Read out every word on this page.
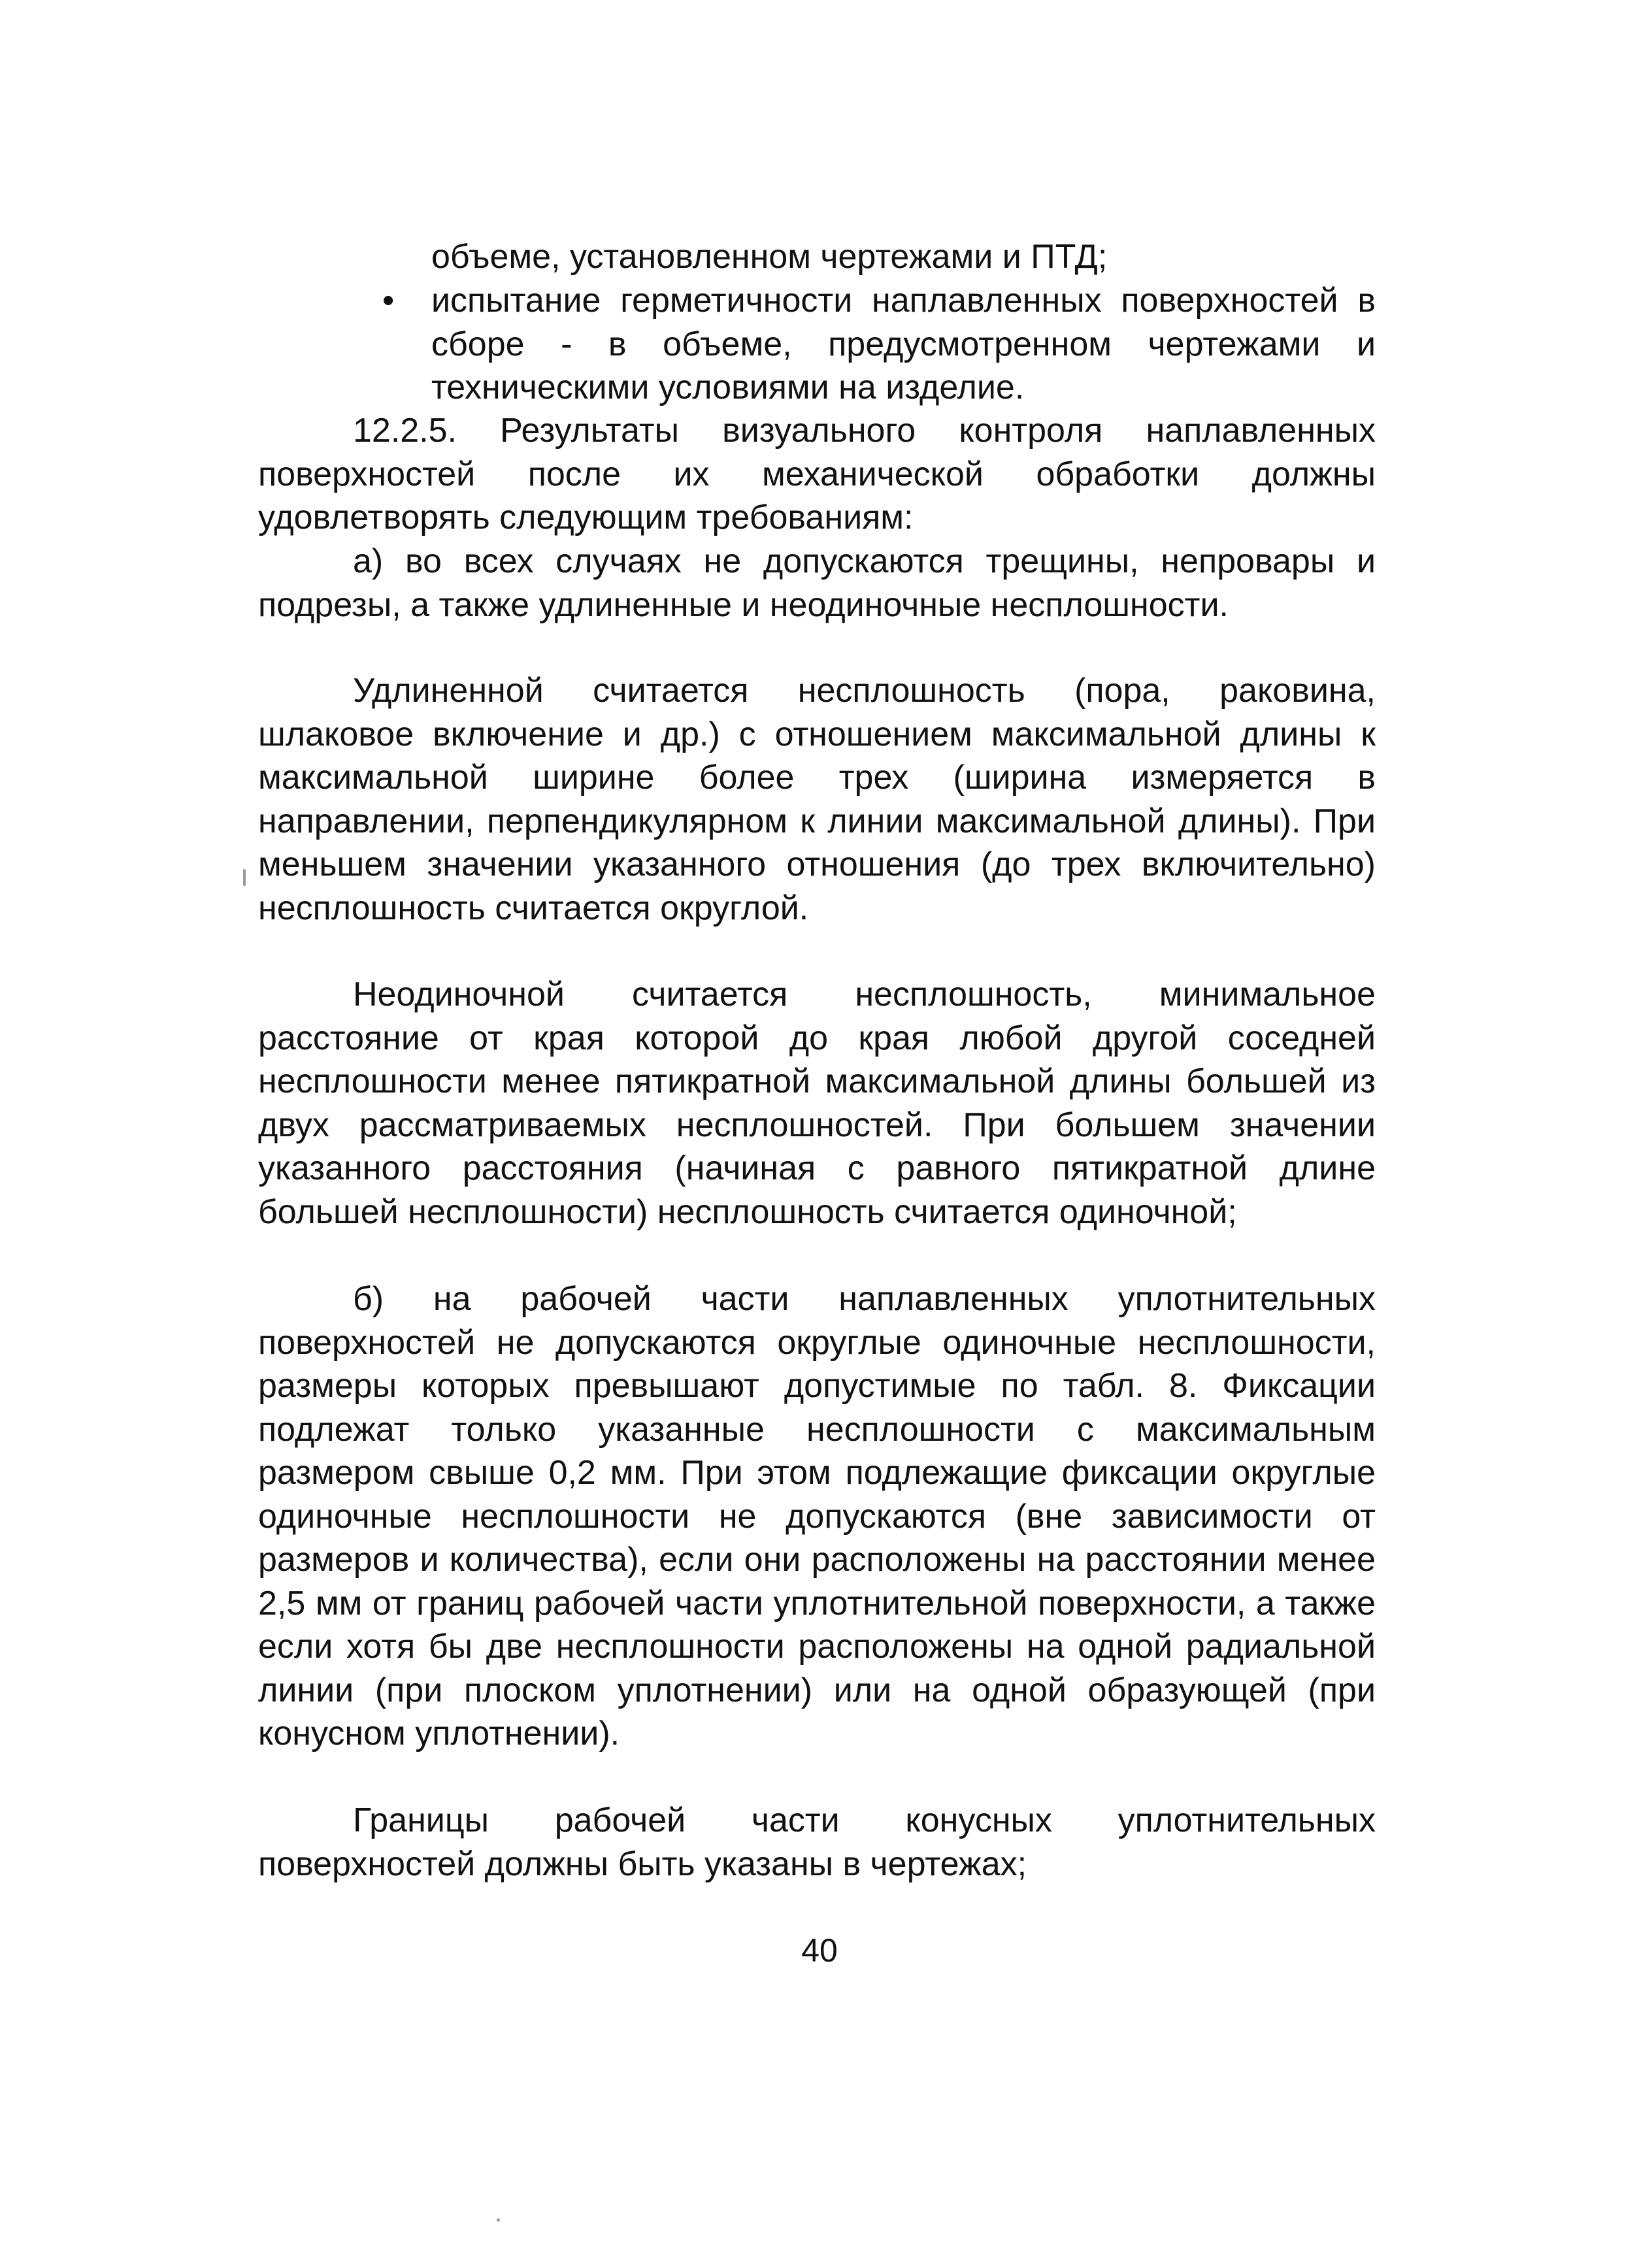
объеме, установленном чертежами и ПТД;
• испытание герметичности наплавленных поверхностей в сборе - в объеме, предусмотренном чертежами и техническими условиями на изделие.
12.2.5. Результаты визуального контроля наплавленных поверхностей после их механической обработки должны удовлетворять следующим требованиям:
а) во всех случаях не допускаются трещины, непровары и подрезы, а также удлиненные и неодиночные несплошности.
Удлиненной считается несплошность (пора, раковина, шлаковое включение и др.) с отношением максимальной длины к максимальной ширине более трех (ширина измеряется в направлении, перпендикулярном к линии максимальной длины). При меньшем значении указанного отношения (до трех включительно) несплошность считается округлой.
Неодиночной считается несплошность, минимальное расстояние от края которой до края любой другой соседней несплошности менее пятикратной максимальной длины большей из двух рассматриваемых несплошностей. При большем значении указанного расстояния (начиная с равного пятикратной длине большей несплошности) несплошность считается одиночной;
б) на рабочей части наплавленных уплотнительных поверхностей не допускаются округлые одиночные несплошности, размеры которых превышают допустимые по табл. 8. Фиксации подлежат только указанные несплошности с максимальным размером свыше 0,2 мм. При этом подлежащие фиксации округлые одиночные несплошности не допускаются (вне зависимости от размеров и количества), если они расположены на расстоянии менее 2,5 мм от границ рабочей части уплотнительной поверхности, а также если хотя бы две несплошности расположены на одной радиальной линии (при плоском уплотнении) или на одной образующей (при конусном уплотнении).
Границы рабочей части конусных уплотнительных поверхностей должны быть указаны в чертежах;
40
